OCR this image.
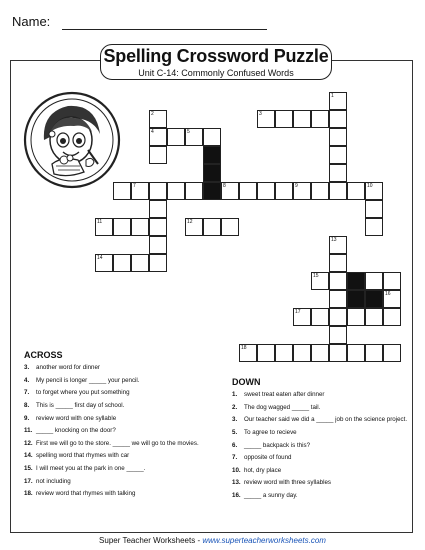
Name:
Spelling Crossword Puzzle
Unit C-14: Commonly Confused Words
2
4
1
3
5
7	8	9	10
11	12
14
13
15
16
17
18
ACROSS
3. another word for dinner
4. My pencil is longer _____ your pencil.
7. to forget where you put something
8. This is _____ first day of school.
9. review word with one syllable
11. _____ knocking on the door?
12. First we will go to the store. _____ we will go to the movies.
14. spelling word that rhymes with car
15. I will meet you at the park in one _____.
17. not including
18. review word that rhymes with talking
DOWN
1. sweet treat eaten after dinner
2. The dog wagged _____ tail.
3. Our teacher said we did a _____ job on the science project.
5. To agree to recieve
6. _____ backpack is this?
7. opposite of found
10. hot, dry place
13. review word with three syllables
16. _____ a sunny day.
Super Teacher Worksheets - www.superteacherworksheets.com
